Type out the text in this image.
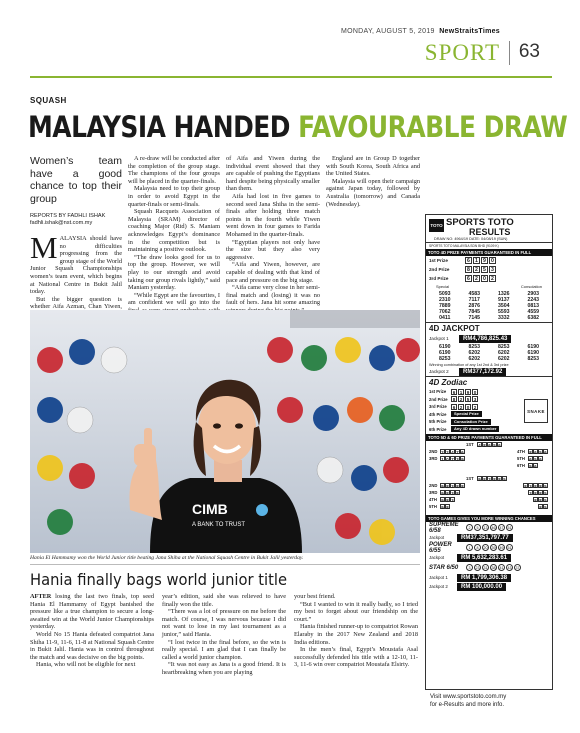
MONDAY, AUGUST 5, 2019 NewStraitsTimes
SPORT 63
SQUASH
MALAYSIA HANDED FAVOURABLE DRAW
Women’s team have a good chance to top their group
REPORTS BY FADHLI ISHAK
fadhli.ishak@nst.com.my

MALAYSIA should have no difficulties progressing from the group stage of the World Junior Squash Championships women’s team event, which begins at National Centre in Bukit Jalil today.

But the bigger question is whether Aifa Azman, Chan Yiwen,

A re-draw will be conducted after the completion of the group stage. The champions of the four groups will be placed in the quarter-finals.

Malaysia need to top their group in order to avoid Egypt in the quarter-finals or semi-finals.

Squash Racquets Association of Malaysia (SRAM) director of coaching Major (Rtd) S. Maniam acknowledges Egypt’s dominance in the competition but is maintaining a positive outlook.

“The draw looks good for us to top the group. However, we will play to our strength and avoid taking our group rivals lightly,” said Maniam yesterday.

“While Egypt are the favourites, I am confident we will go into the

of Aifa and Yiwen during the individual event showed that they are capable of pushing the Egyptians hard despite being physically smaller than them.

Aifa had lost in five games to second seed Jana Shiha in the semi-finals after holding three match points in the fourth while Yiwen went down in four games to Farida Mohamed in the quarter-finals.

“Egyptian players not only have the size but they also very aggressive.

“Aifa and Yiwen, however, are capable of dealing with that kind of pace and pressure on the big stage.

“Aifa came very close in her semi-final match and (losing) it was no fault of hers. Jana hit some amazing

England are in Group D together with South Korea, South Africa and the United States.

Malaysia will open their campaign against Japan today, followed by Australia (tomorrow) and Canada (Wednesday).

CIMB
A BANK TO TRUST
Hania El Hammamy won the World Junior title beating Jana Shiha at the National Squash Centre in Bukit Jalil yesterday.
Hania finally bags world junior title

AFTER losing the last two finals, top seed Hania El Hammamy of Egypt banished the pressure like a true champion to secure a long-awaited win at the World Junior Championships yesterday.

World No 15 Hania defeated compatriot Jana Shiha 11-9, 11-6, 11-8 at National Squash Centre in Bukit Jalil. Hania was in control throughout the match and was decisive on the big points.

Hania, who will not be eligible for next

year’s edition, said she was relieved to have finally won the title.

“There was a lot of pressure on me before the match. Of course, I was nervous because I did not want to lose in my last tournament as a junior,” said Hania.

“I lost twice in the final before, so the win is really special. I am glad that I can finally be called a world junior champion.

“It was not easy as Jana is a good friend. It is heartbreaking when you are playing

your best friend.

“But I wanted to win it really badly, so I tried my best to forget about our friendship on the court.”

Hania finished runner-up to compatriot Rowan Elaraby in the 2017 New Zealand and 2018 India editions.

In the men’s final, Egypt’s Moustafa Asal successfully defended his title with a 12-10, 11-3, 11-6 win over compatriot Moustafa Elsirty.

TOTO SPORTS TOTO
RESULTS
DRAW NO: 4964/19 DATE: 04/08/19 (SUN)
SPORTS TOTO MALAYSIA SDN BHD (9109 K)
TOTO 4D PRIZE PAYMENTS GUARANTEED IN FULL
1st Prize	6 1 9 0
2nd Prize	8 2 5 3
3rd Prize	6 2 0 2
Special	Consolation
5093	4583	1326	2903
2310	7117	9137	2243
7889	2876	3504	0813
7062	7845	5593	4559
0411	7145	3332	6382
4D JACKPOT
Jackpot 1	RM4,786,825.43
6190	8253	8253	6190
6190	6202	6202	6190
8253	6202	6202	8253
Winning combination of any 1st 2nd & 3rd prize
Jackpot 2	RM377,172.92
4D Zodiac
1st Prize	6 1 9 0
2nd Prize	8 2 5 3
3rd Prize	6 2 0 2
4th Prize	Special Prize
5th Prize	Consolation Prize
6th Prize	Any 4D drawn number
SNAKE
TOTO 5D & 6D PRIZE PAYMENTS GUARANTEED IN FULL
1ST	4 8 6 5 6
2ND 2 2 4 7 6
3RD 1 0 7 3 9
4TH	8 6 5 6
5TH	6 5 6
6TH	5 6
1ST	9 8 3 8 8 5
2ND 9 8 3 8 8	8 3 8 8 5
3RD 9 8 3 8	3 8 8 5
4TH	9 8 3	8 8 5
5TH	9 8	8 5
TOTO GAMES GIVES YOU MORE WINNING CHANCES
SUPREME 6/58	2	5	13	46	47	51
Jackpot	RM37,351,797.77
POWER 6/55	1	8	20	39	49	51
Jackpot	RM 5,632,283.61
STAR 6/50	3	23	31	38	41	43	37
Jackpot 1	RM 1,799,306.38
Jackpot 2	RM 100,000.00
Visit www.sportstoto.com.my
for e-Results and more info.
